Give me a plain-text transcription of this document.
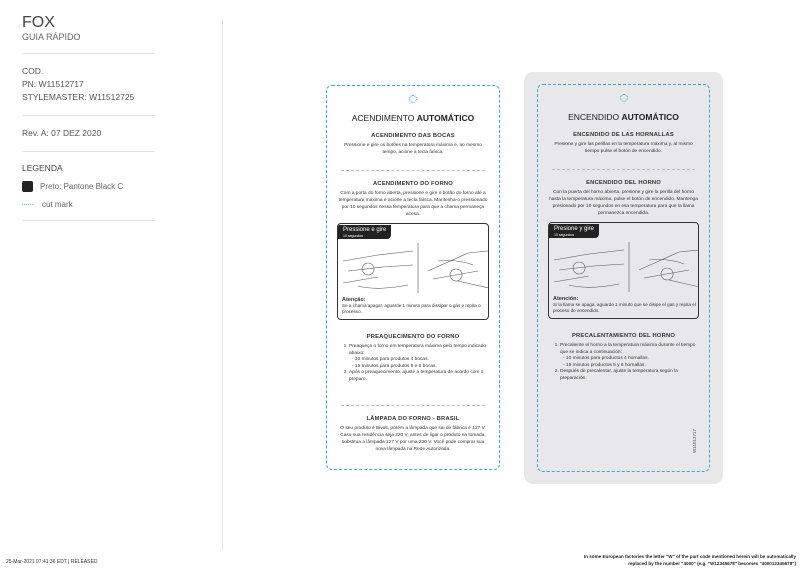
FOX
GUIA RÁPIDO
COD.
PN: W11512717
STYLEMASTER: W11512725
Rev. A: 07 DEZ 2020
LEGENDA
Preto: Pantone Black C
cut mark
ACENDIMENTO AUTOMÁTICO
ACENDIMENTO DAS BOCAS
Pressione e gire os botões na temperatura máxima e, ao mesmo tempo, acione a tecla faísca.
ACENDIMENTO DO FORNO
Com a porta do forno aberta, pressione e gire o botão do forno até a temperatura máxima e acione a tecla faísca. Mantenha-o pressionado por 10 segundos nessa temperatura para que a chama permaneça acesa.
Pressione e gire
10 segundos
Atenção:
Se a chama apagar, aguarde 1 minuto para dissipar o gás e repita o processo.
PREAQUECIMENTO DO FORNO
1. Preaqueça o forno em temperatura máxima pelo tempo indicado abaixo:
- 10 minutos para produtos 4 bocas.
- 15 minutos para produtos 5 e 6 bocas.
2. Após o preaquecimento, ajuste a temperatura de acordo com o preparo.
LÂMPADA DO FORNO - BRASIL
O seu produto é Bivolt, porém a lâmpada que sai de fábrica é 127 V. Caso sua residência seja 220 V, antes de ligar o produto na tomada, substitua a lâmpada 127 V por uma 220 V. Você pode comprar sua nova lâmpada na Rede Autorizada.
ENCENDIDO AUTOMÁTICO
ENCENDIDO DE LAS HORNALLAS
Presione y gire las perillas en la temperatura máxima y, al mismo tiempo pulse el botón de encendido.
ENCENDIDO DEL HORNO
Con la puerta del horno abierta, presione y gire la perilla del horno hasta la temperatura máxima, pulse el botón de encendido. Mantenga presionado por 10 segundos en esa temperatura para que la llama permanezca encendida.
Presione y gire
10 segundos
Atención:
Si la llama se apaga, aguarde 1 minuto que se disipe el gas y repita el proceso de encendido.
PRECALENTAMIENTO DEL HORNO
1. Precaliente el horno a la temperatura máxima durante el tiempo que se indica a continuación:
- 10 minutos para productos 4 hornallas.
- 15 minutos productos 5 y 6 hornallas.
2. Después de precalentar, ajuste la temperatura según la preparación.
W11512717
25-Mar-2021 07:41:36 EDT | RELEASED
In some European factories the letter "W" of the part code mentioned herein will be automatically
replaced by the number "4000" (e.g. "W12345678" becomes "400012345678")
